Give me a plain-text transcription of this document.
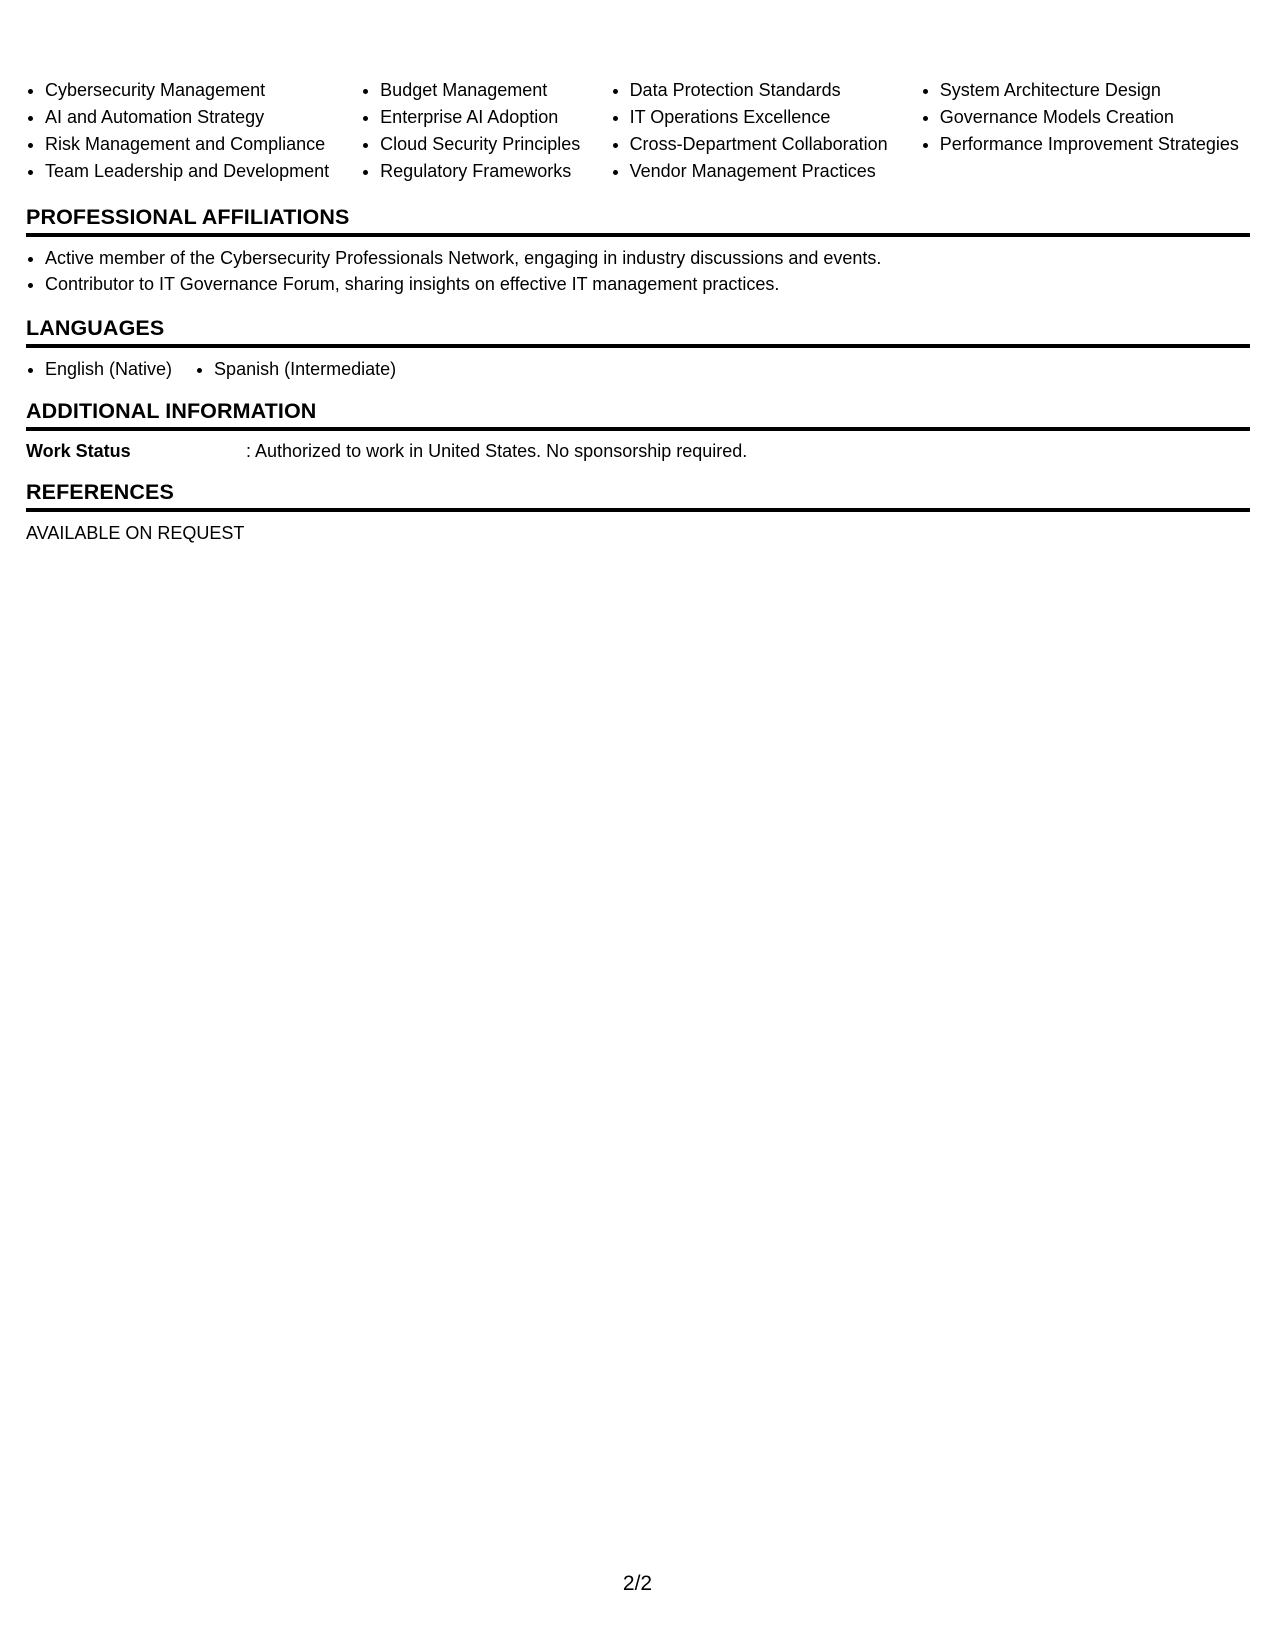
• Cybersecurity Management
• AI and Automation Strategy
• Risk Management and Compliance
• Team Leadership and Development
• Budget Management
• Enterprise AI Adoption
• Cloud Security Principles
• Regulatory Frameworks
• Data Protection Standards
• IT Operations Excellence
• Cross-Department Collaboration
• Vendor Management Practices
• System Architecture Design
• Governance Models Creation
• Performance Improvement Strategies
PROFESSIONAL AFFILIATIONS
• Active member of the Cybersecurity Professionals Network, engaging in industry discussions and events.
• Contributor to IT Governance Forum, sharing insights on effective IT management practices.
LANGUAGES
• English (Native)
• Spanish (Intermediate)
ADDITIONAL INFORMATION
Work Status	: Authorized to work in United States. No sponsorship required.
REFERENCES

AVAILABLE ON REQUEST

2/2
